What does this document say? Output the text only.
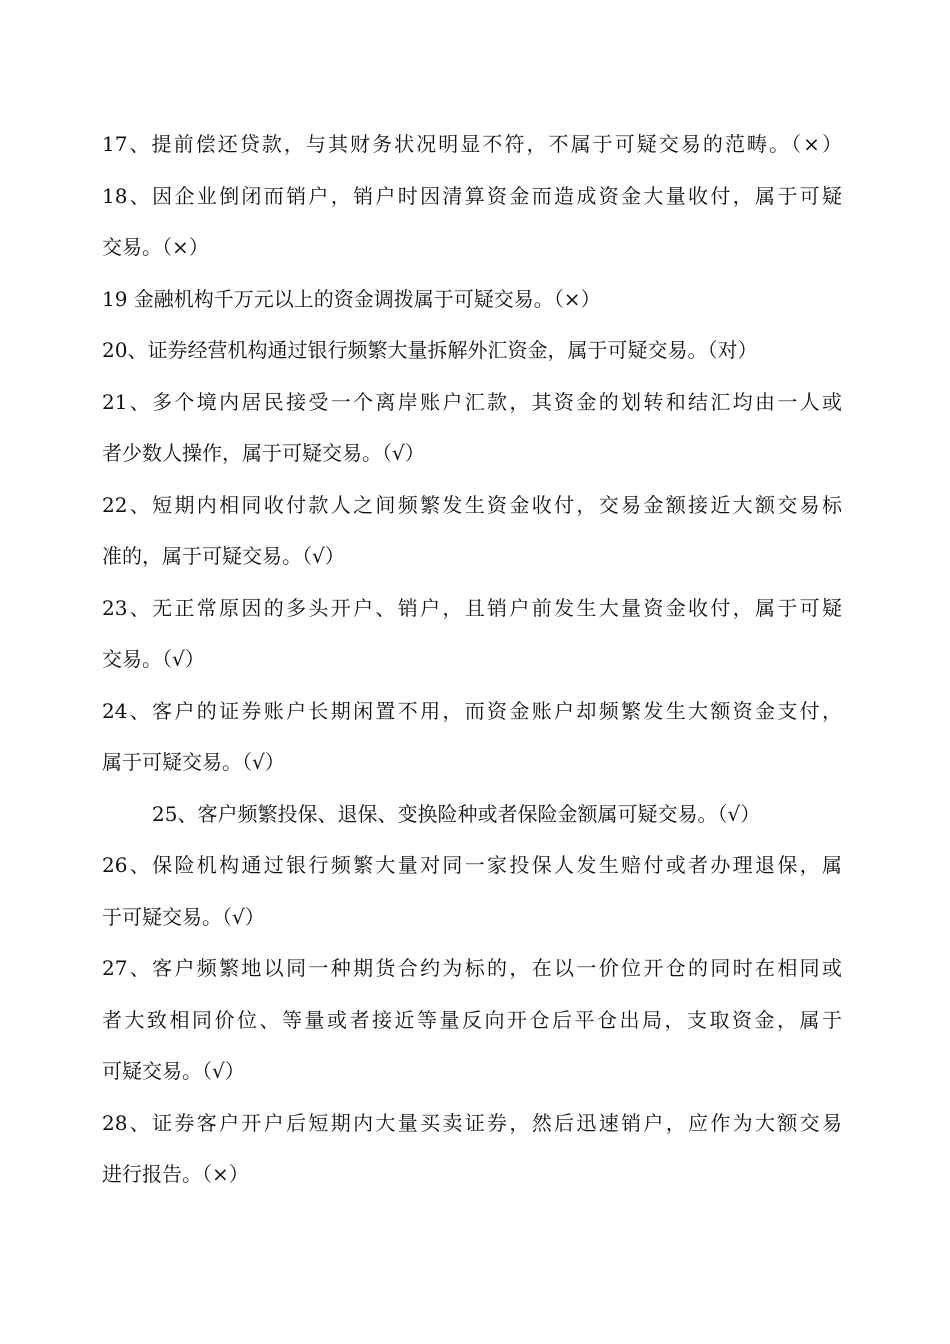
17、提前偿还贷款，与其财务状况明显不符，不属于可疑交易的范畴。（×）
18、因企业倒闭而销户，销户时因清算资金而造成资金大量收付，属于可疑
交易。（×）
19 金融机构千万元以上的资金调拨属于可疑交易。（×）
20、证券经营机构通过银行频繁大量拆解外汇资金，属于可疑交易。（对）
21、多个境内居民接受一个离岸账户汇款，其资金的划转和结汇均由一人或
者少数人操作，属于可疑交易。（√）
22、短期内相同收付款人之间频繁发生资金收付，交易金额接近大额交易标
准的，属于可疑交易。（√）
23、无正常原因的多头开户、销户，且销户前发生大量资金收付，属于可疑
交易。（√）
24、客户的证券账户长期闲置不用，而资金账户却频繁发生大额资金支付，
属于可疑交易。（√）
25、客户频繁投保、退保、变换险种或者保险金额属可疑交易。（√）
26、保险机构通过银行频繁大量对同一家投保人发生赔付或者办理退保，属
于可疑交易。（√）
27、客户频繁地以同一种期货合约为标的，在以一价位开仓的同时在相同或
者大致相同价位、等量或者接近等量反向开仓后平仓出局，支取资金，属于
可疑交易。（√）
28、证券客户开户后短期内大量买卖证券，然后迅速销户，应作为大额交易
进行报告。（×）
